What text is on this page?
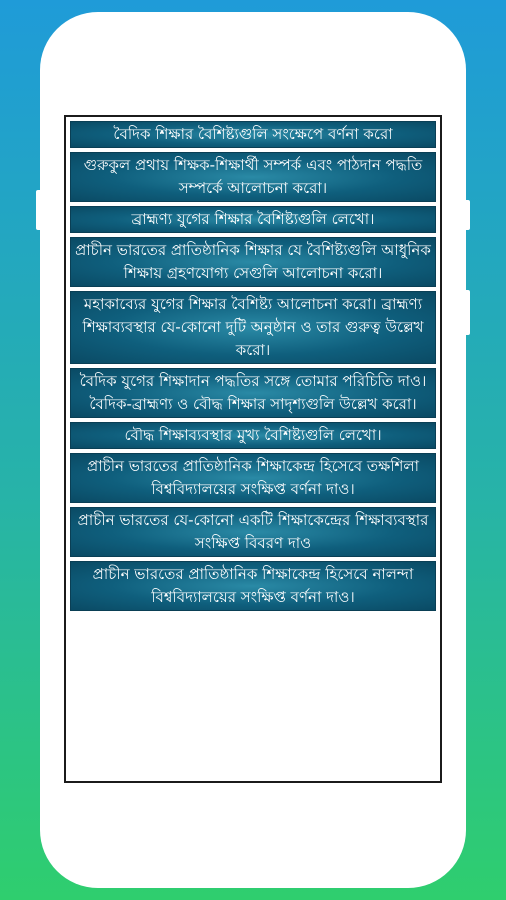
বৈদিক শিক্ষার বৈশিষ্ট্যগুলি সংক্ষেপে বর্ণনা করো
গুরুকুল প্রথায় শিক্ষক-শিক্ষার্থী সম্পর্ক এবং পাঠদান পদ্ধতি সম্পর্কে আলোচনা করো।
ব্রাহ্মণ্য যুগের শিক্ষার বৈশিষ্ট্যগুলি লেখো।
প্রাচীন ভারতের প্রাতিষ্ঠানিক শিক্ষার যে বৈশিষ্ট্যগুলি আধুনিক শিক্ষায় গ্রহণযোগ্য সেগুলি আলোচনা করো।
মহাকাব্যের যুগের শিক্ষার বৈশিষ্ট্য আলোচনা করো। ব্রাহ্মণ্য শিক্ষাব্যবস্থার যে-কোনো দুটি অনুষ্ঠান ও তার গুরুত্ব উল্লেখ করো।
বৈদিক যুগের শিক্ষাদান পদ্ধতির সঙ্গে তোমার পরিচিতি দাও। বৈদিক-ব্রাহ্মণ্য ও বৌদ্ধ শিক্ষার সাদৃশ্যগুলি উল্লেখ করো।
বৌদ্ধ শিক্ষাব্যবস্থার মুখ্য বৈশিষ্ট্যগুলি লেখো।
প্রাচীন ভারতের প্রাতিষ্ঠানিক শিক্ষাকেন্দ্র হিসেবে তক্ষশিলা বিশ্ববিদ্যালয়ের সংক্ষিপ্ত বর্ণনা দাও।
প্রাচীন ভারতের যে-কোনো একটি শিক্ষাকেন্দ্রের শিক্ষাব্যবস্থার সংক্ষিপ্ত বিবরণ দাও
প্রাচীন ভারতের প্রাতিষ্ঠানিক শিক্ষাকেন্দ্র হিসেবে নালন্দা বিশ্ববিদ্যালয়ের সংক্ষিপ্ত বর্ণনা দাও।
